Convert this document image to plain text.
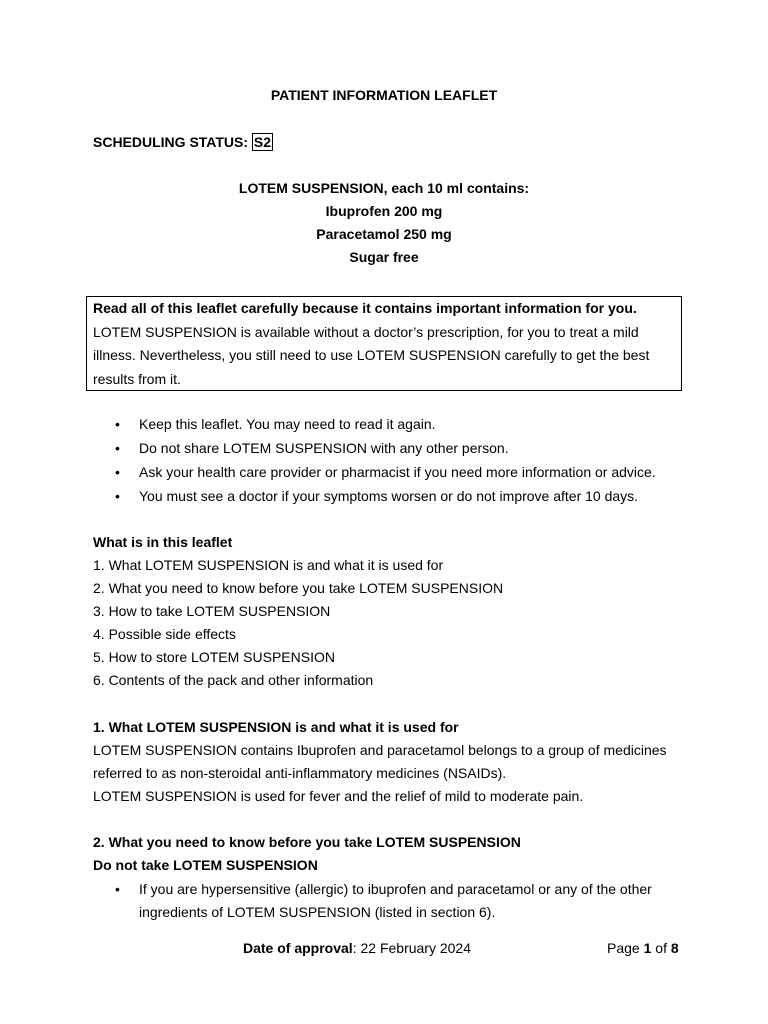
PATIENT INFORMATION LEAFLET
SCHEDULING STATUS: S2
LOTEM SUSPENSION, each 10 ml contains:
Ibuprofen 200 mg
Paracetamol 250 mg
Sugar free
Read all of this leaflet carefully because it contains important information for you.
LOTEM SUSPENSION is available without a doctor’s prescription, for you to treat a mild
illness. Nevertheless, you still need to use LOTEM SUSPENSION carefully to get the best
results from it.
• Keep this leaflet. You may need to read it again.
• Do not share LOTEM SUSPENSION with any other person.
• Ask your health care provider or pharmacist if you need more information or advice.
• You must see a doctor if your symptoms worsen or do not improve after 10 days.
What is in this leaflet
1. What LOTEM SUSPENSION is and what it is used for
2. What you need to know before you take LOTEM SUSPENSION
3. How to take LOTEM SUSPENSION
4. Possible side effects
5. How to store LOTEM SUSPENSION
6. Contents of the pack and other information
1. What LOTEM SUSPENSION is and what it is used for
LOTEM SUSPENSION contains Ibuprofen and paracetamol belongs to a group of medicines
referred to as non-steroidal anti-inflammatory medicines (NSAIDs).
LOTEM SUSPENSION is used for fever and the relief of mild to moderate pain.
2. What you need to know before you take LOTEM SUSPENSION
Do not take LOTEM SUSPENSION
• If you are hypersensitive (allergic) to ibuprofen and paracetamol or any of the other
ingredients of LOTEM SUSPENSION (listed in section 6).
Date of approval: 22 February 2024	Page 1 of 8
